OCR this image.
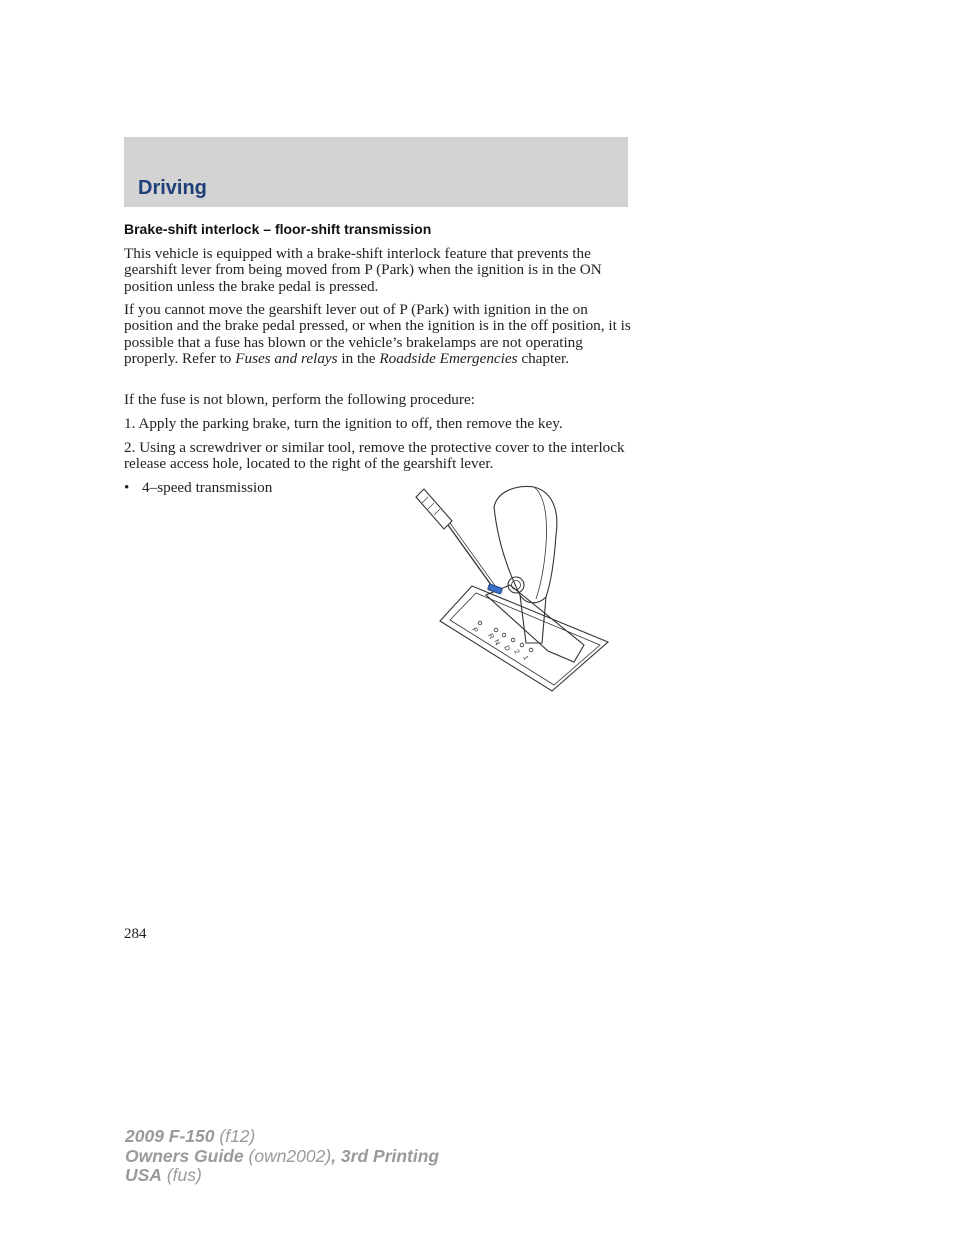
Driving
Brake-shift interlock – floor-shift transmission

This vehicle is equipped with a brake-shift interlock feature that prevents the gearshift lever from being moved from P (Park) when the ignition is in the ON position unless the brake pedal is pressed.

If you cannot move the gearshift lever out of P (Park) with ignition in the on position and the brake pedal pressed, or when the ignition is in the off position, it is possible that a fuse has blown or the vehicle’s brakelamps are not operating properly. Refer to Fuses and relays in the Roadside Emergencies chapter.

If the fuse is not blown, perform the following procedure:

1. Apply the parking brake, turn the ignition to off, then remove the key.

2. Using a screwdriver or similar tool, remove the protective cover to the interlock release access hole, located to the right of the gearshift lever.

• 4–speed transmission
P
R
N
D 2
1
284
2009 F-150 (f12)
Owners Guide (own2002), 3rd Printing
USA (fus)
